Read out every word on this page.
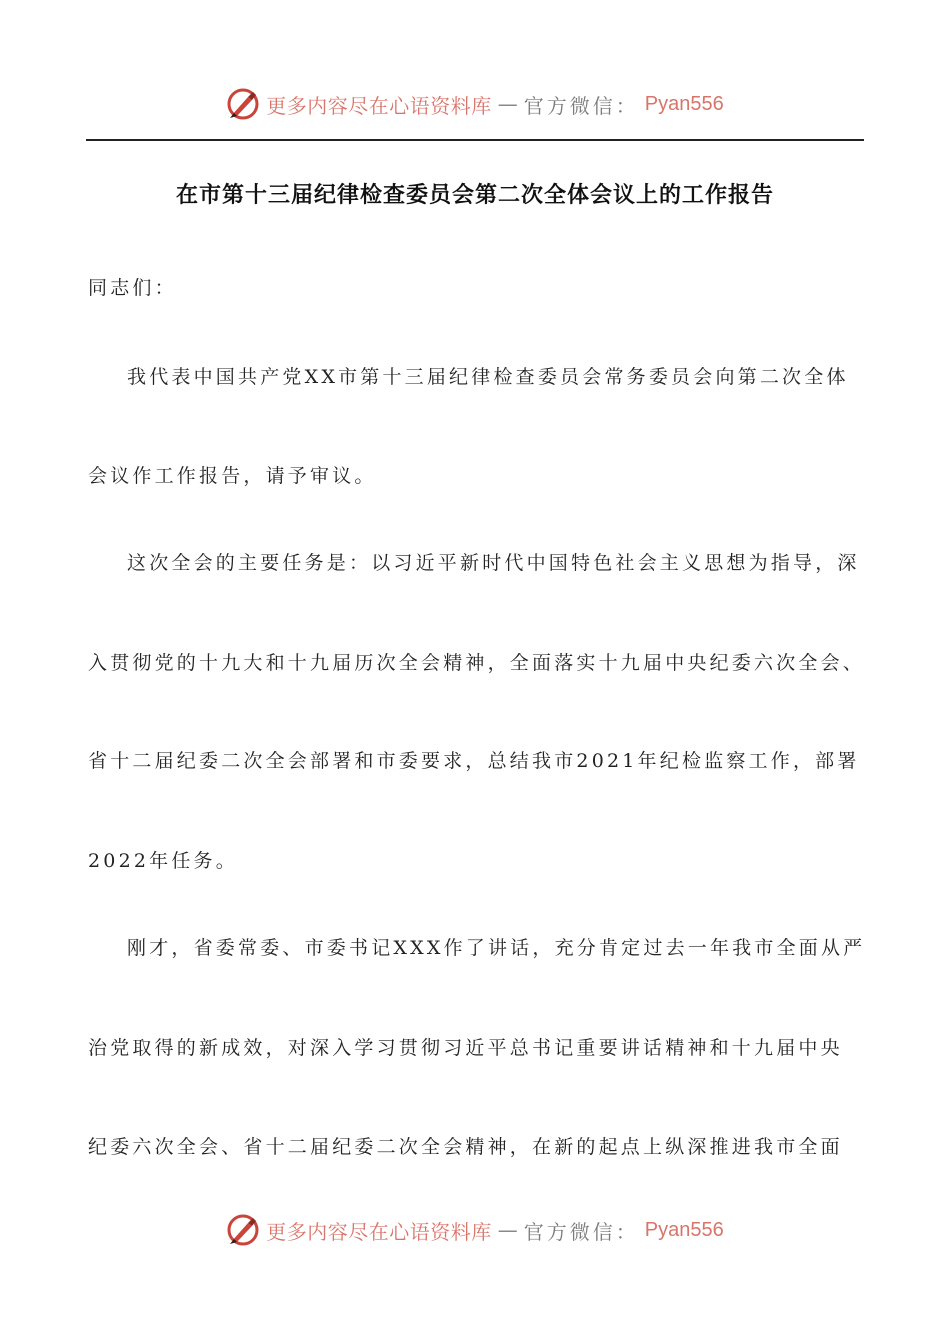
更多内容尽在心语资料库 — 官方微信： Pyan556
在市第十三届纪律检查委员会第二次全体会议上的工作报告

同志们：

我代表中国共产党XX市第十三届纪律检查委员会常务委员会向第二次全体

会议作工作报告，请予审议。

这次全会的主要任务是：以习近平新时代中国特色社会主义思想为指导，深

入贯彻党的十九大和十九届历次全会精神，全面落实十九届中央纪委六次全会、

省十二届纪委二次全会部署和市委要求，总结我市2021年纪检监察工作，部署

2022年任务。

刚才，省委常委、市委书记XXX作了讲话，充分肯定过去一年我市全面从严

治党取得的新成效，对深入学习贯彻习近平总书记重要讲话精神和十九届中央

纪委六次全会、省十二届纪委二次全会精神，在新的起点上纵深推进我市全面

更多内容尽在心语资料库 — 官方微信： Pyan556
